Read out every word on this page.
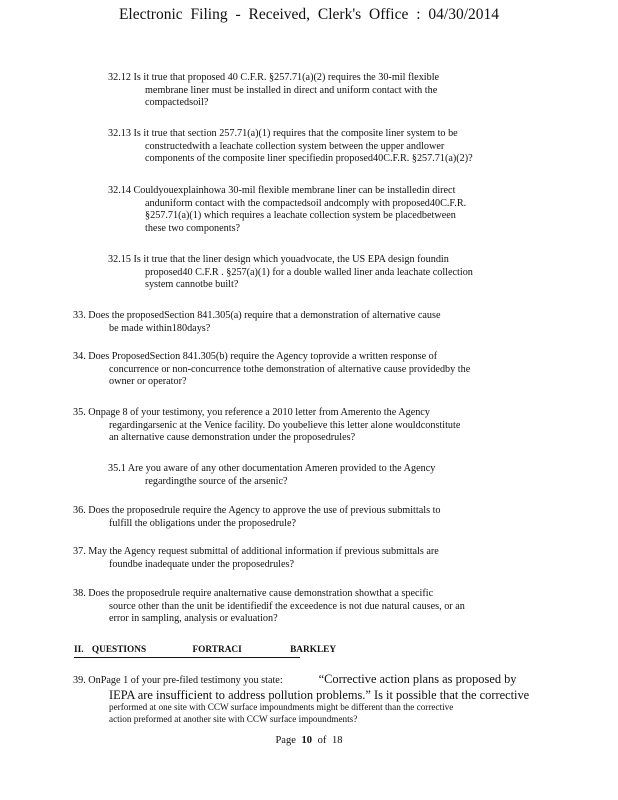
Electronic Filing - Received, Clerk's Office : 04/30/2014
32.12 Is it true that proposed 40 C.F.R. §257.71(a)(2) requires the 30-mil flexible
membrane liner must be installed in direct and uniform contact with the
compactedsoil?
32.13 Is it true that section 257.71(a)(1) requires that the composite liner system to be
constructedwith a leachate collection system between the upper andlower
components of the composite liner specifiedin proposed40C.F.R. §257.71(a)(2)?
32.14 Couldyouexplainhowa 30-mil flexible membrane liner can be installedin direct
anduniform contact with the compactedsoil andcomply with proposed40C.F.R.
§257.71(a)(1) which requires a leachate collection system be placedbetween
these two components?
32.15 Is it true that the liner design which youadvocate, the US EPA design foundin
proposed40 C.F.R . §257(a)(1) for a double walled liner anda leachate collection
system cannotbe built?
33. Does the proposedSection 841.305(a) require that a demonstration of alternative cause
be made within180days?
34. Does ProposedSection 841.305(b) require the Agency toprovide a written response of
concurrence or non-concurrence tothe demonstration of alternative cause providedby the
owner or operator?
35. Onpage 8 of your testimony, you reference a 2010 letter from Amerento the Agency
regardingarsenic at the Venice facility. Do youbelieve this letter alone wouldconstitute
an alternative cause demonstration under the proposedrules?
35.1 Are you aware of any other documentation Ameren provided to the Agency
regardingthe source of the arsenic?
36. Does the proposedrule require the Agency to approve the use of previous submittals to
fulfill the obligations under the proposedrule?
37. May the Agency request submittal of additional information if previous submittals are
foundbe inadequate under the proposedrules?
38. Does the proposedrule require analternative cause demonstration showthat a specific
source other than the unit be identifiedif the exceedence is not due natural causes, or an
error in sampling, analysis or evaluation?
II. QUESTIONS	FORTRACI	BARKLEY
39. OnPage 1 of your pre-filed testimony you state:	“Corrective action plans as proposed by
IEPA are insufficient to address pollution problems.” Is it possible that the corrective
performed at one site with CCW surface impoundments might be different than the corrective
action preformed at another site with CCW surface impoundments?
Page 10 of 18
